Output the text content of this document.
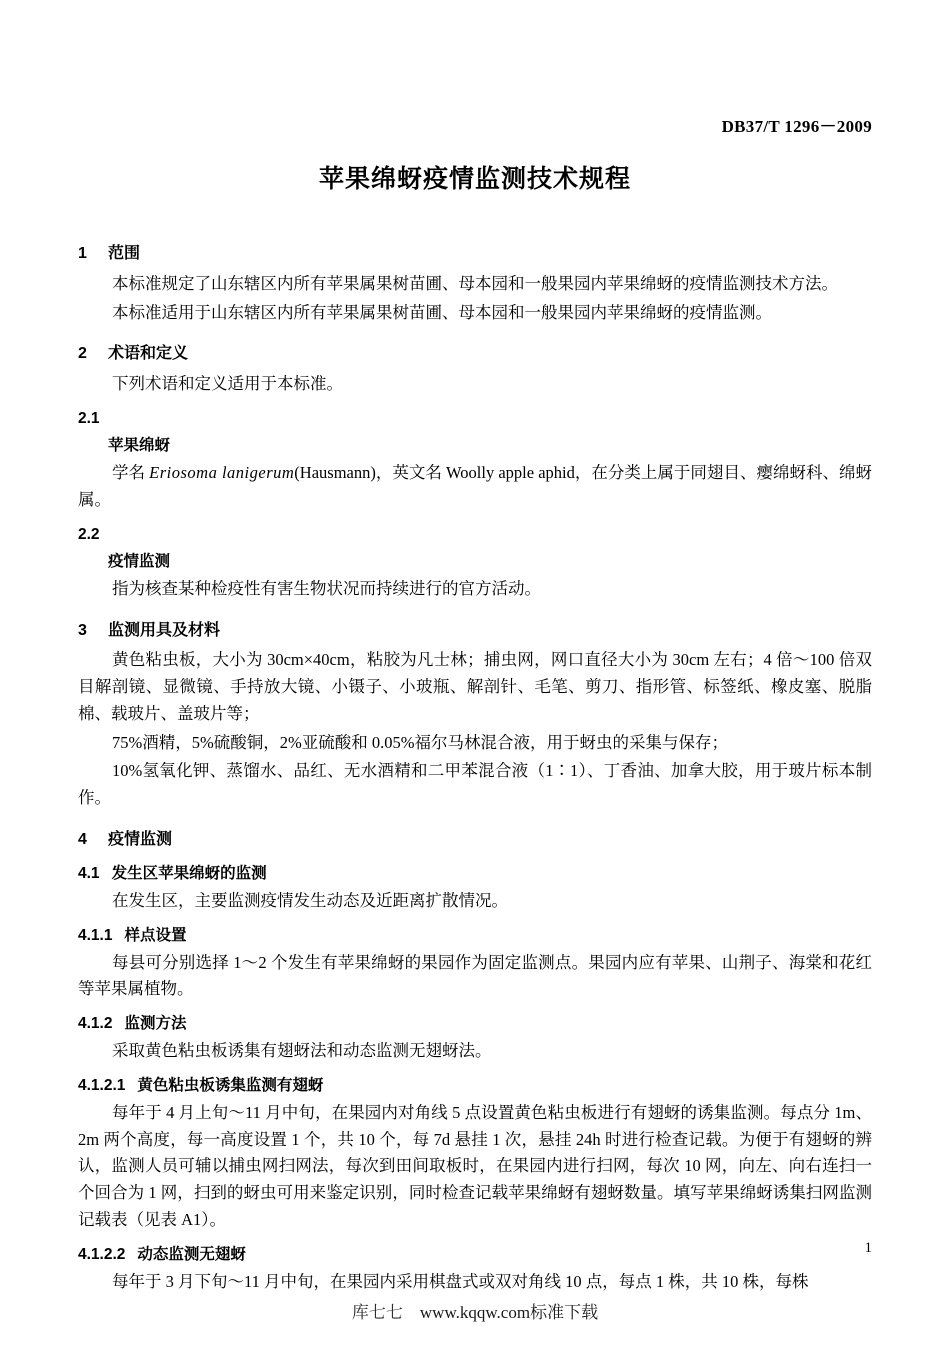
DB37/T 1296－2009
苹果绵蚜疫情监测技术规程
1 范围

本标准规定了山东辖区内所有苹果属果树苗圃、母本园和一般果园内苹果绵蚜的疫情监测技术方法。

本标准适用于山东辖区内所有苹果属果树苗圃、母本园和一般果园内苹果绵蚜的疫情监测。

2 术语和定义

下列术语和定义适用于本标准。

2.1
苹果绵蚜

学名 Eriosoma lanigerum(Hausmann)，英文名 Woolly apple aphid，在分类上属于同翅目、瘿绵蚜科、绵蚜属。

2.2
疫情监测

指为核查某种检疫性有害生物状况而持续进行的官方活动。

3 监测用具及材料

黄色粘虫板，大小为 30cm×40cm，粘胶为凡士林；捕虫网，网口直径大小为 30cm 左右；4 倍～100 倍双目解剖镜、显微镜、手持放大镜、小镊子、小玻瓶、解剖针、毛笔、剪刀、指形管、标签纸、橡皮塞、脱脂棉、载玻片、盖玻片等；

75%酒精，5%硫酸铜，2%亚硫酸和 0.05%福尔马林混合液，用于蚜虫的采集与保存；

10%氢氧化钾、蒸馏水、品红、无水酒精和二甲苯混合液（1∶1）、丁香油、加拿大胶，用于玻片标本制作。

4 疫情监测
4.1 发生区苹果绵蚜的监测

在发生区，主要监测疫情发生动态及近距离扩散情况。

4.1.1 样点设置

每县可分别选择 1～2 个发生有苹果绵蚜的果园作为固定监测点。果园内应有苹果、山荆子、海棠和花红等苹果属植物。

4.1.2 监测方法

采取黄色粘虫板诱集有翅蚜法和动态监测无翅蚜法。

4.1.2.1 黄色粘虫板诱集监测有翅蚜

每年于 4 月上旬～11 月中旬，在果园内对角线 5 点设置黄色粘虫板进行有翅蚜的诱集监测。每点分 1m、2m 两个高度，每一高度设置 1 个，共 10 个，每 7d 悬挂 1 次，悬挂 24h 时进行检查记载。为便于有翅蚜的辨认，监测人员可辅以捕虫网扫网法，每次到田间取板时，在果园内进行扫网，每次 10 网，向左、向右连扫一个回合为 1 网，扫到的蚜虫可用来鉴定识别，同时检查记载苹果绵蚜有翅蚜数量。填写苹果绵蚜诱集扫网监测记载表（见表 A1）。

4.1.2.2 动态监测无翅蚜

每年于 3 月下旬～11 月中旬，在果园内采用棋盘式或双对角线 10 点，每点 1 株，共 10 株，每株

1
库七七 www.kqqw.com标准下载
